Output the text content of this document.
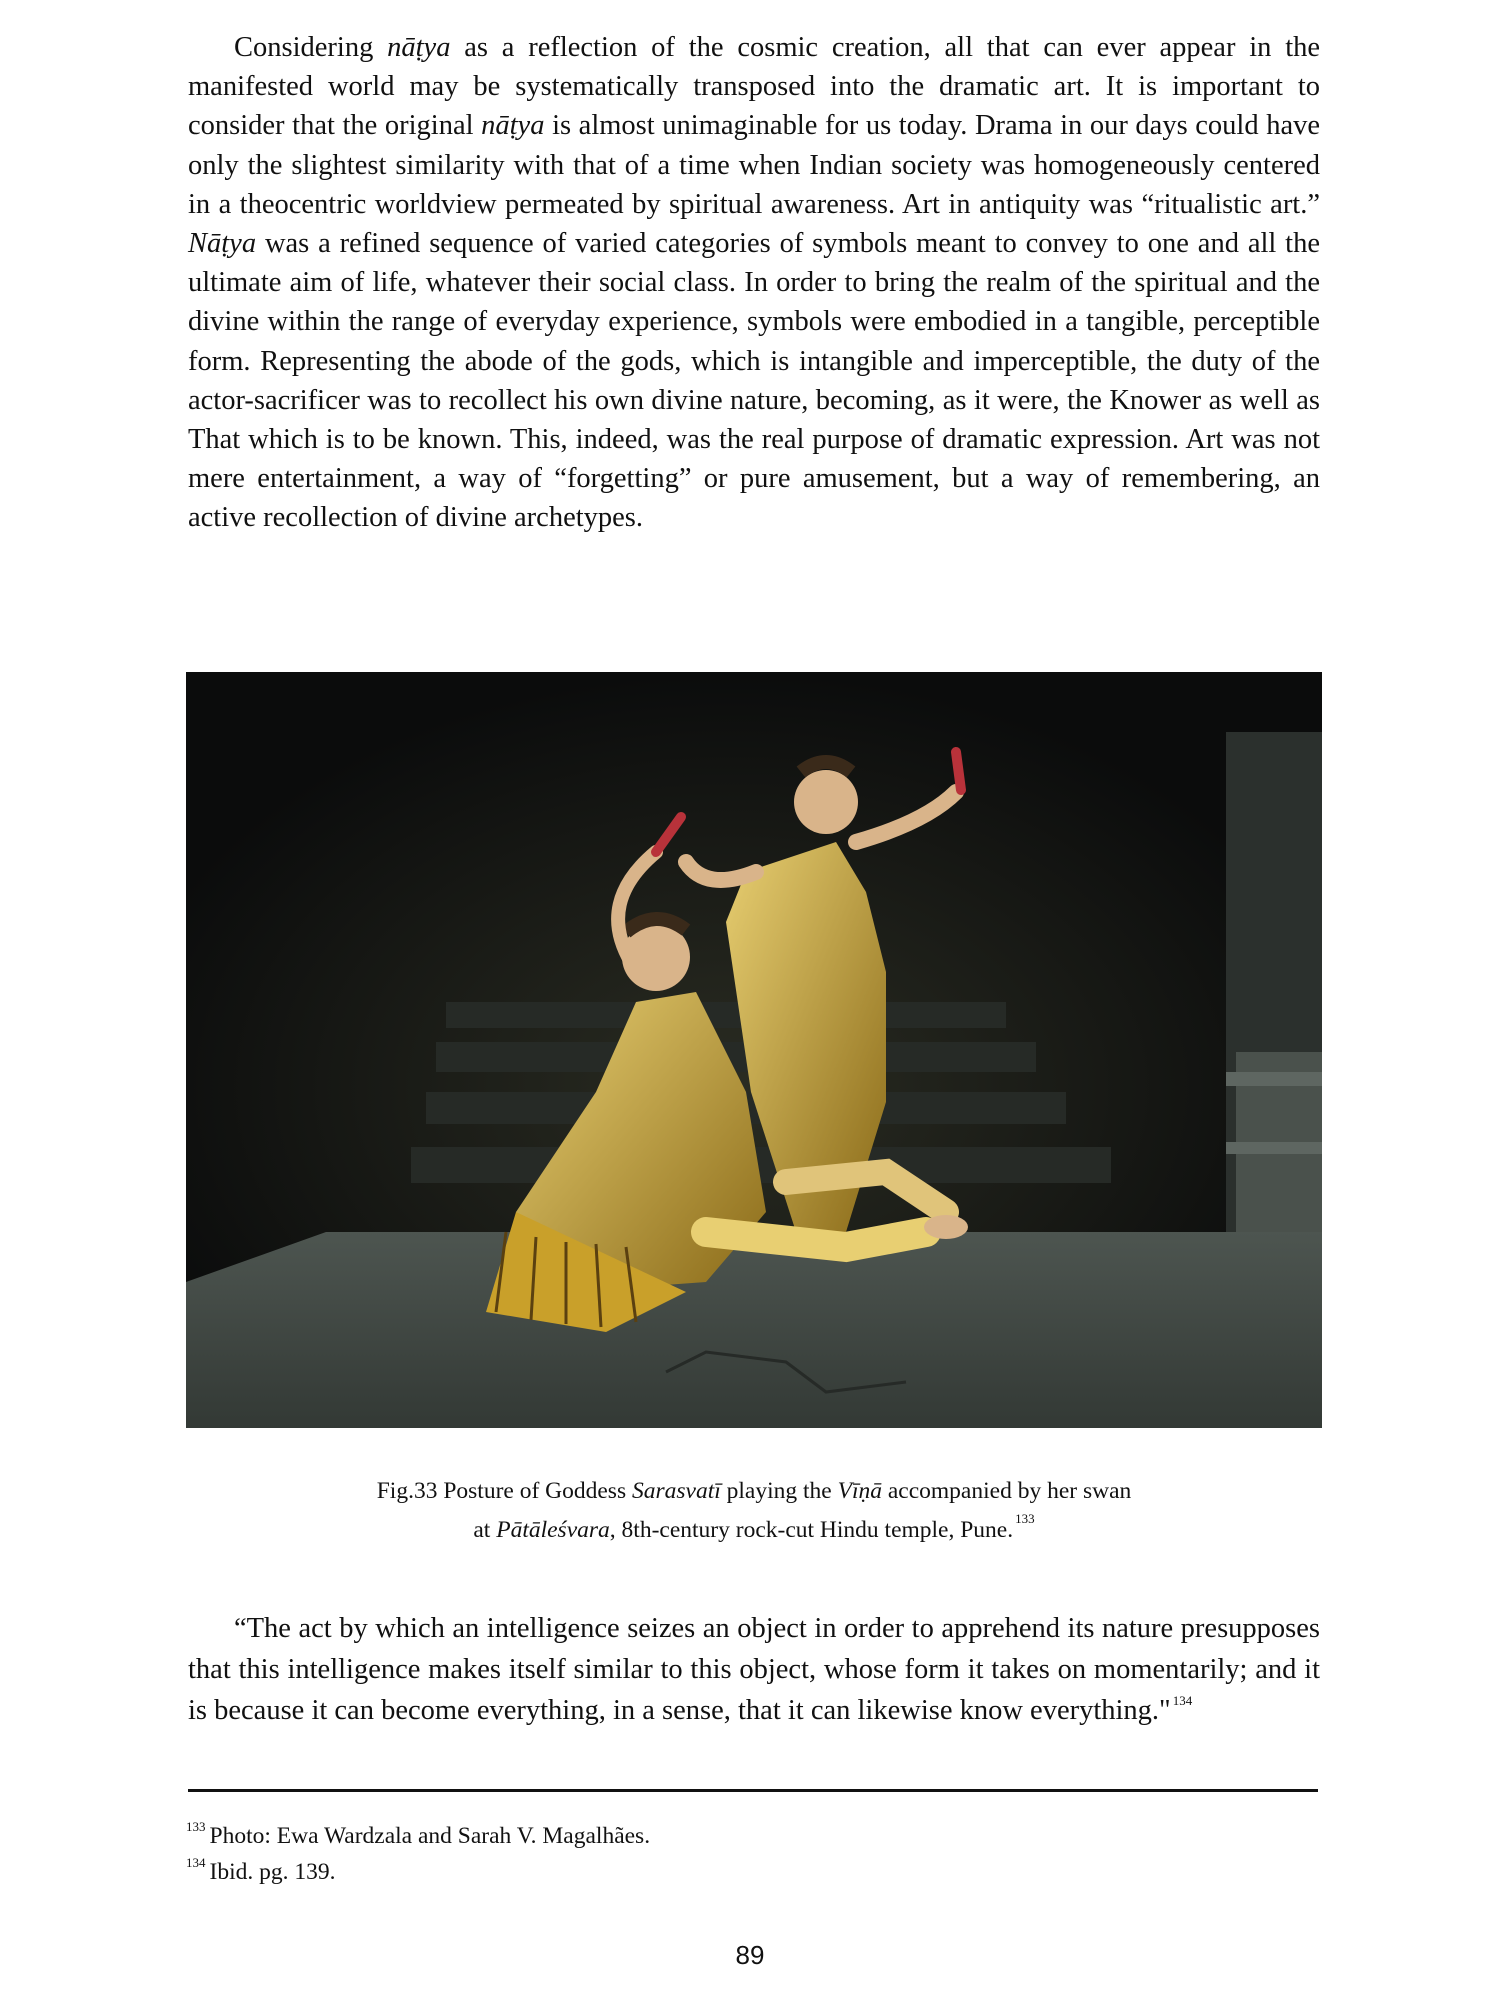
Considering nāṭya as a reflection of the cosmic creation, all that can ever appear in the manifested world may be systematically transposed into the dramatic art. It is important to consider that the original nāṭya is almost unimaginable for us today. Drama in our days could have only the slightest similarity with that of a time when Indian society was homogeneously centered in a theocentric worldview permeated by spiritual awareness. Art in antiquity was “ritualistic art.” Nāṭya was a refined sequence of varied categories of symbols meant to convey to one and all the ultimate aim of life, whatever their social class. In order to bring the realm of the spiritual and the divine within the range of everyday experience, symbols were embodied in a tangible, perceptible form. Representing the abode of the gods, which is intangible and imperceptible, the duty of the actor-sacrificer was to recollect his own divine nature, becoming, as it were, the Knower as well as That which is to be known. This, indeed, was the real purpose of dramatic expression. Art was not mere entertainment, a way of “forgetting” or pure amusement, but a way of remembering, an active recollection of divine archetypes.

Fig.33 Posture of Goddess Sarasvatī playing the Vīṇā accompanied by her swan
at Pātāleśvara, 8th-century rock-cut Hindu temple, Pune. $^{133}$

“The act by which an intelligence seizes an object in order to apprehend its nature presupposes that this intelligence makes itself similar to this object, whose form it takes on momentarily; and it is because it can become everything, in a sense, that it can likewise know everything." $^{134}$

$^{133}$ Photo: Ewa Wardzala and Sarah V. Magalhães.

$^{134}$ Ibid. pg. 139.

89
